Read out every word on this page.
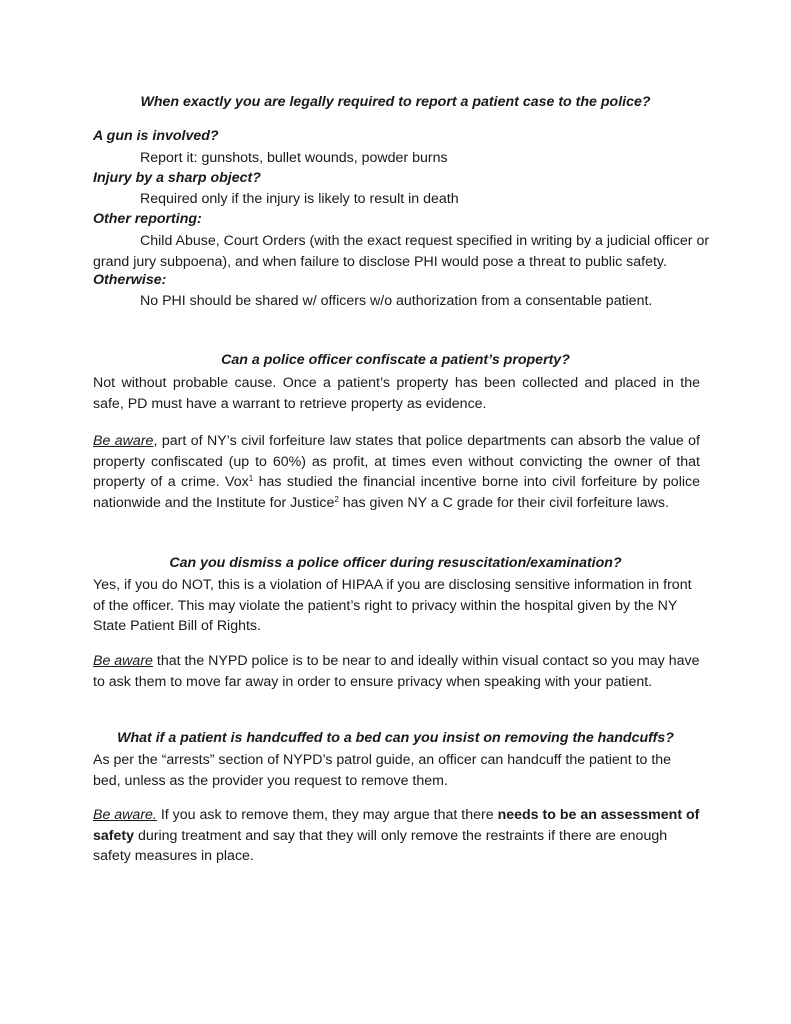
When exactly you are legally required to report a patient case to the police?
A gun is involved?
Report it: gunshots, bullet wounds, powder burns
Injury by a sharp object?
Required only if the injury is likely to result in death
Other reporting:
Child Abuse, Court Orders (with the exact request specified in writing by a judicial officer or grand jury subpoena), and when failure to disclose PHI would pose a threat to public safety.
Otherwise:
No PHI should be shared w/ officers w/o authorization from a consentable patient.
Can a police officer confiscate a patient’s property?
Not without probable cause. Once a patient’s property has been collected and placed in the safe, PD must have a warrant to retrieve property as evidence.
Be aware, part of NY’s civil forfeiture law states that police departments can absorb the value of property confiscated (up to 60%) as profit, at times even without convicting the owner of that property of a crime. Vox$^1$ has studied the financial incentive borne into civil forfeiture by police nationwide and the Institute for Justice$^2$ has given NY a C grade for their civil forfeiture laws.
Can you dismiss a police officer during resuscitation/examination?
Yes, if you do NOT, this is a violation of HIPAA if you are disclosing sensitive information in front of the officer. This may violate the patient’s right to privacy within the hospital given by the NY State Patient Bill of Rights.
Be aware that the NYPD police is to be near to and ideally within visual contact so you may have to ask them to move far away in order to ensure privacy when speaking with your patient.
What if a patient is handcuffed to a bed can you insist on removing the handcuffs?
As per the “arrests” section of NYPD’s patrol guide, an officer can handcuff the patient to the bed, unless as the provider you request to remove them.
Be aware. If you ask to remove them, they may argue that there needs to be an assessment of safety during treatment and say that they will only remove the restraints if there are enough safety measures in place.
